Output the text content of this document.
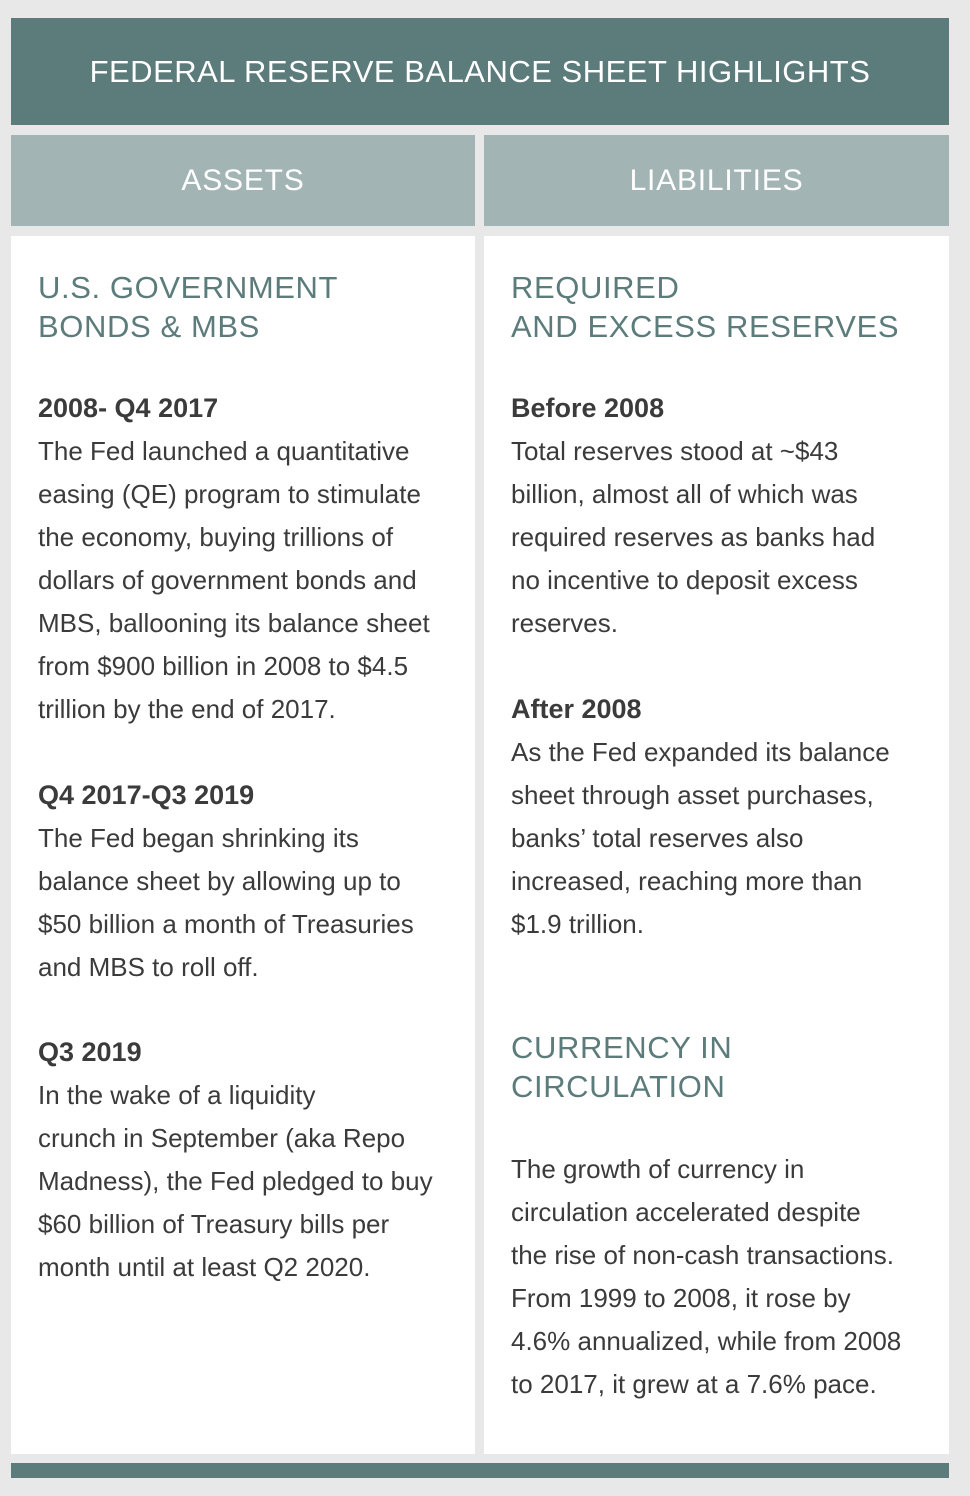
FEDERAL RESERVE BALANCE SHEET HIGHLIGHTS
ASSETS	LIABILITIES
U.S. GOVERNMENT
BONDS & MBS
2008- Q4 2017
The Fed launched a quantitative
easing (QE) program to stimulate
the economy, buying trillions of
dollars of government bonds and
MBS, ballooning its balance sheet
from $900 billion in 2008 to $4.5
trillion by the end of 2017.
Q4 2017-Q3 2019
The Fed began shrinking its
balance sheet by allowing up to
$50 billion a month of Treasuries
and MBS to roll off.
Q3 2019
In the wake of a liquidity
crunch in September (aka Repo
Madness), the Fed pledged to buy
$60 billion of Treasury bills per
month until at least Q2 2020.
REQUIRED
AND EXCESS RESERVES
Before 2008
Total reserves stood at ~$43
billion, almost all of which was
required reserves as banks had
no incentive to deposit excess
reserves.
After 2008
As the Fed expanded its balance
sheet through asset purchases,
banks’ total reserves also
increased, reaching more than
$1.9 trillion.
CURRENCY IN
CIRCULATION
The growth of currency in
circulation accelerated despite
the rise of non-cash transactions.
From 1999 to 2008, it rose by
4.6% annualized, while from 2008
to 2017, it grew at a 7.6% pace.
